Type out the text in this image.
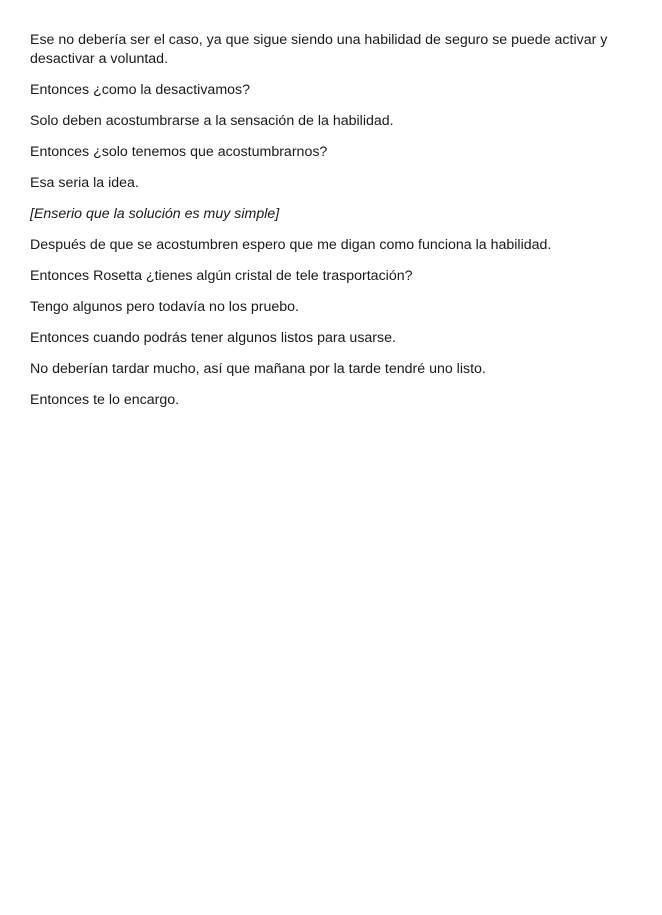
Ese no debería ser el caso, ya que sigue siendo una habilidad de seguro se puede activar y desactivar a voluntad.

Entonces ¿como la desactivamos?

Solo deben acostumbrarse a la sensación de la habilidad.

Entonces ¿solo tenemos que acostumbrarnos?

Esa seria la idea.

[Enserio que la solución es muy simple]

Después de que se acostumbren espero que me digan como funciona la habilidad.

Entonces Rosetta ¿tienes algún cristal de tele trasportación?

Tengo algunos pero todavía no los pruebo.

Entonces cuando podrás tener algunos listos para usarse.

No deberían tardar mucho, así que mañana por la tarde tendré uno listo.

Entonces te lo encargo.
